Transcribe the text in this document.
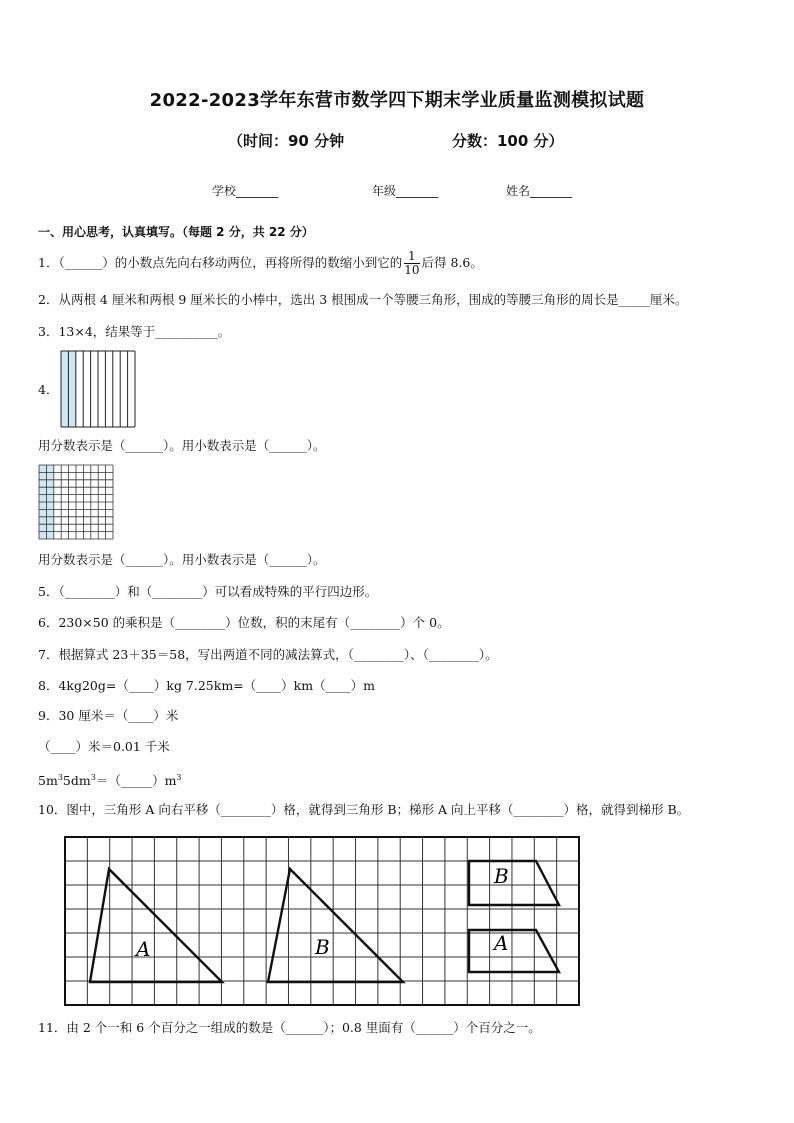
2022-2023学年东营市数学四下期末学业质量监测模拟试题
（时间：90 分钟	分数：100 分）
学校_______	年级_______	姓名_______
一、用心思考，认真填写。（每题 2 分，共 22 分）
1．（______）的小数点先向右移动两位，再将所得的数缩小到它的 $\frac{1}{10}$ 后得 8.6。
2．从两根 4 厘米和两根 9 厘米长的小棒中，选出 3 根围成一个等腰三角形，围成的等腰三角形的周长是_____厘米。
3．13×4，结果等于__________。
4．
用分数表示是（______）。用小数表示是（______）。
用分数表示是（______）。用小数表示是（______）。
5．（________）和（________）可以看成特殊的平行四边形。
6．230×50 的乘积是（________）位数，积的末尾有（________）个 0。
7．根据算式 23＋35＝58，写出两道不同的减法算式，（________）、（________）。
8．4kg20g=（____）kg 7.25km=（____）km（____）m
9．30 厘米＝（____）米
（____）米＝0.01 千米
$5m^35dm^3=(\_\_\_\_\_)m^3$
10．图中，三角形 A 向右平移（________）格，就得到三角形 B；梯形 A 向上平移（________）格，就得到梯形 B。
A	B
B
A
11．由 2 个一和 6 个百分之一组成的数是（______）；0.8 里面有（______）个百分之一。
